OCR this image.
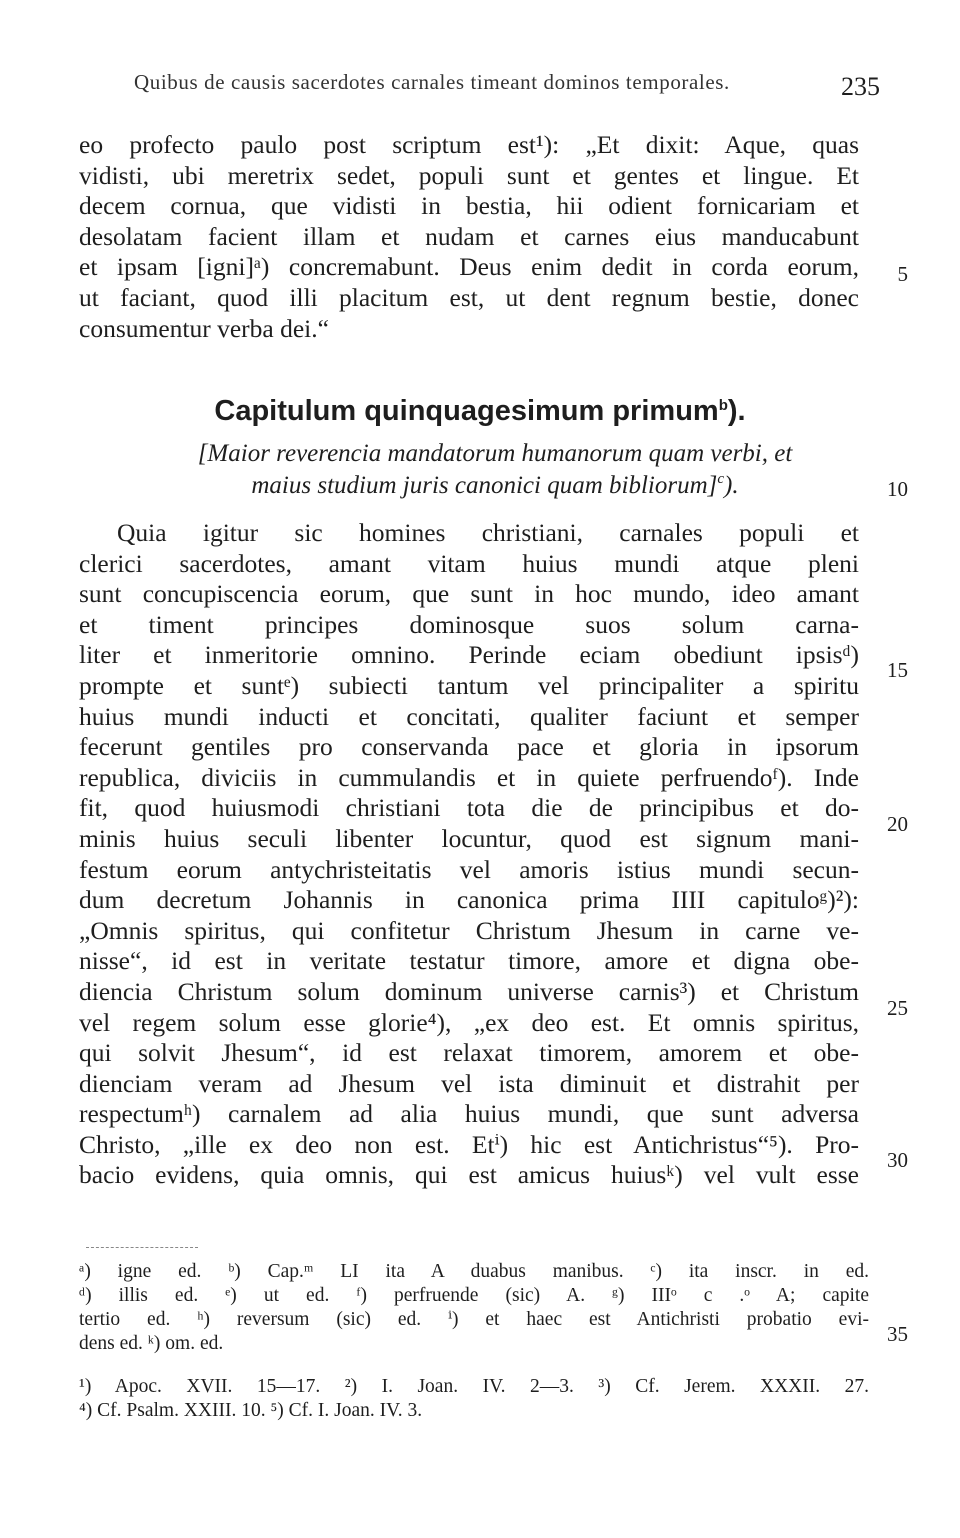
Quibus de causis sacerdotes carnales timeant dominos temporales.	235
eo profecto paulo post scriptum est¹): „Et dixit: Aque, quas
vidisti, ubi meretrix sedet, populi sunt et gentes et lingue. Et
decem cornua, que vidisti in bestia, hii odient fornicariam et
desolatam facient illam et nudam et carnes eius manducabunt
et ipsam [igni]ᵃ) concremabunt. Deus enim dedit in corda eorum,
ut faciant, quod illi placitum est, ut dent regnum bestie, donec
consumentur verba dei.“
Capitulum quinquagesimum primum$^b$).
[Maior reverencia mandatorum humanorum quam verbi, et
maius studium juris canonici quam bibliorum]$^c$).
Quia igitur sic homines christiani, carnales populi et
clerici sacerdotes, amant vitam huius mundi atque pleni
sunt concupiscencia eorum, que sunt in hoc mundo, ideo amant
et timent principes dominosque suos solum carna-
liter et inmeritorie omnino. Perinde eciam obediunt ipsisᵈ)
prompte et suntᵉ) subiecti tantum vel principaliter a spiritu
huius mundi inducti et concitati, qualiter faciunt et semper
fecerunt gentiles pro conservanda pace et gloria in ipsorum
republica, diviciis in cummulandis et in quiete perfruendoᶠ). Inde
fit, quod huiusmodi christiani tota die de principibus et do-
minis huius seculi libenter locuntur, quod est signum mani-
festum eorum antychristeitatis vel amoris istius mundi secun-
dum decretum Johannis in canonica prima IIII capituloᵍ)²):
„Omnis spiritus, qui confitetur Christum Jhesum in carne ve-
nisse“, id est in veritate testatur timore, amore et digna obe-
diencia Christum solum dominum universe carnis³) et Christum
vel regem solum esse glorie⁴), „ex deo est. Et omnis spiritus,
qui solvit Jhesum“, id est relaxat timorem, amorem et obe-
dienciam veram ad Jhesum vel ista diminuit et distrahit per
respectumʰ) carnalem ad alia huius mundi, que sunt adversa
Christo, „ille ex deo non est. Etⁱ) hic est Antichristus“⁵). Pro-
bacio evidens, quia omnis, qui est amicus huiusᵏ) vel vult esse
5
10
15
20
25
30
35
ᵃ) igne ed. ᵇ) Cap.ᵐ LI ita A duabus manibus. ᶜ) ita inscr. in ed.
ᵈ) illis ed. ᵉ) ut ed. ᶠ) perfruende (sic) A. ᵍ) IIIᵒ c .ᵒ A; capite
tertio ed. ʰ) reversum (sic) ed. ⁱ) et haec est Antichristi probatio evi-
dens ed. ᵏ) om. ed.
¹) Apoc. XVII. 15—17. ²) I. Joan. IV. 2—3. ³) Cf. Jerem. XXXII. 27.
⁴) Cf. Psalm. XXIII. 10. ⁵) Cf. I. Joan. IV. 3.
